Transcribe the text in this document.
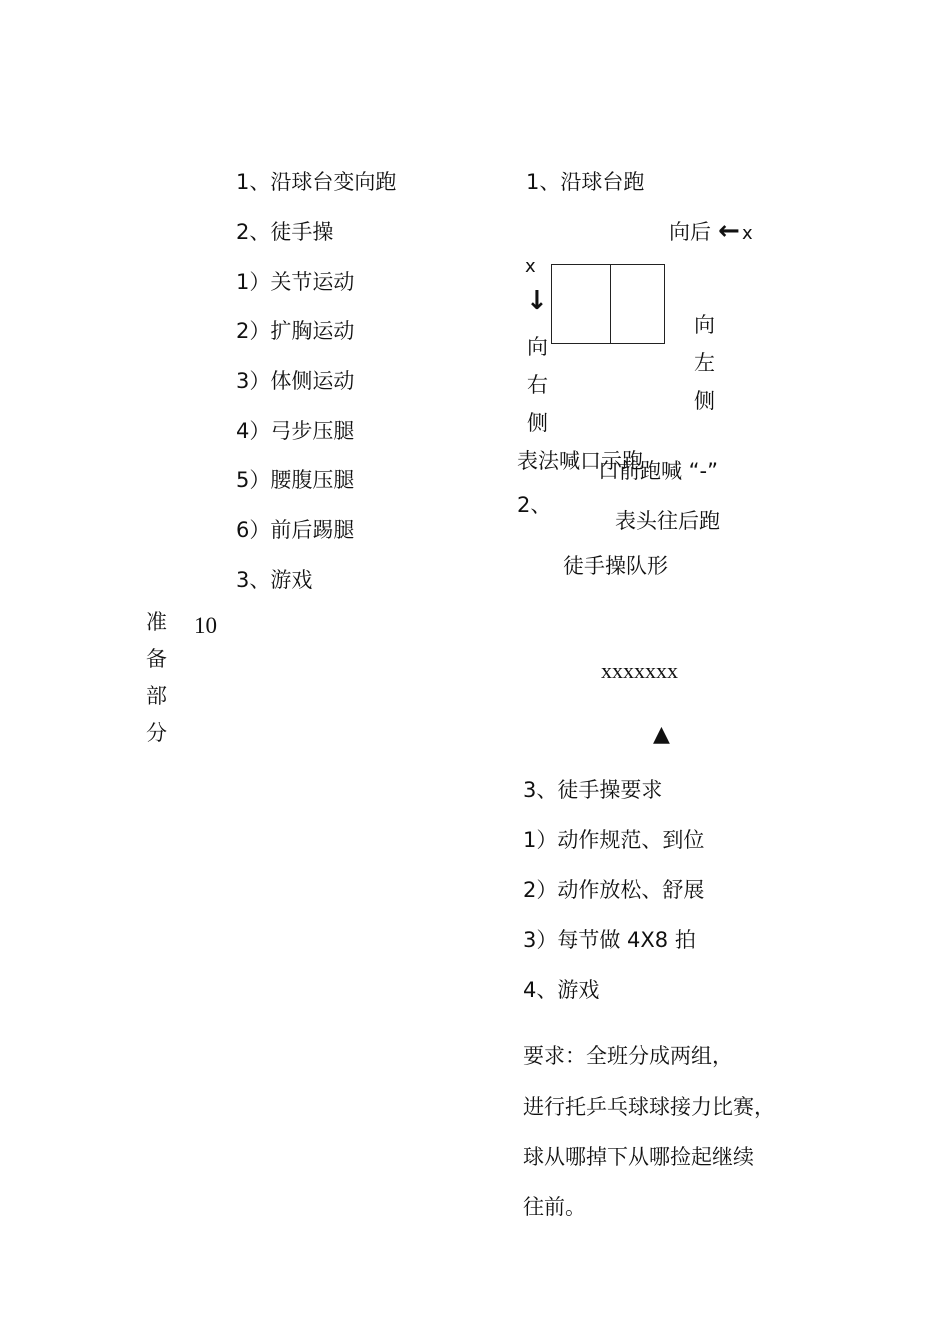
1、沿球台变向跑
2、徒手操
1）关节运动
2）扩胸运动
3）体侧运动
4）弓步压腿
5）腰腹压腿
6）前后踢腿
3、游戏
准备部分
10
1、沿球台跑
向后 ← x
x
↓
向右侧
向左侧
表法喊口示跑
口前跑喊 “-”
2、
表头往后跑
徒手操队形
xxxxxxx
▲
3、徒手操要求
1）动作规范、到位
2）动作放松、舒展
3）每节做 4X8 拍
4、游戏
要求：全班分成两组，
进行托乒乓球球接力比赛，
球从哪掉下从哪捡起继续
往前。
